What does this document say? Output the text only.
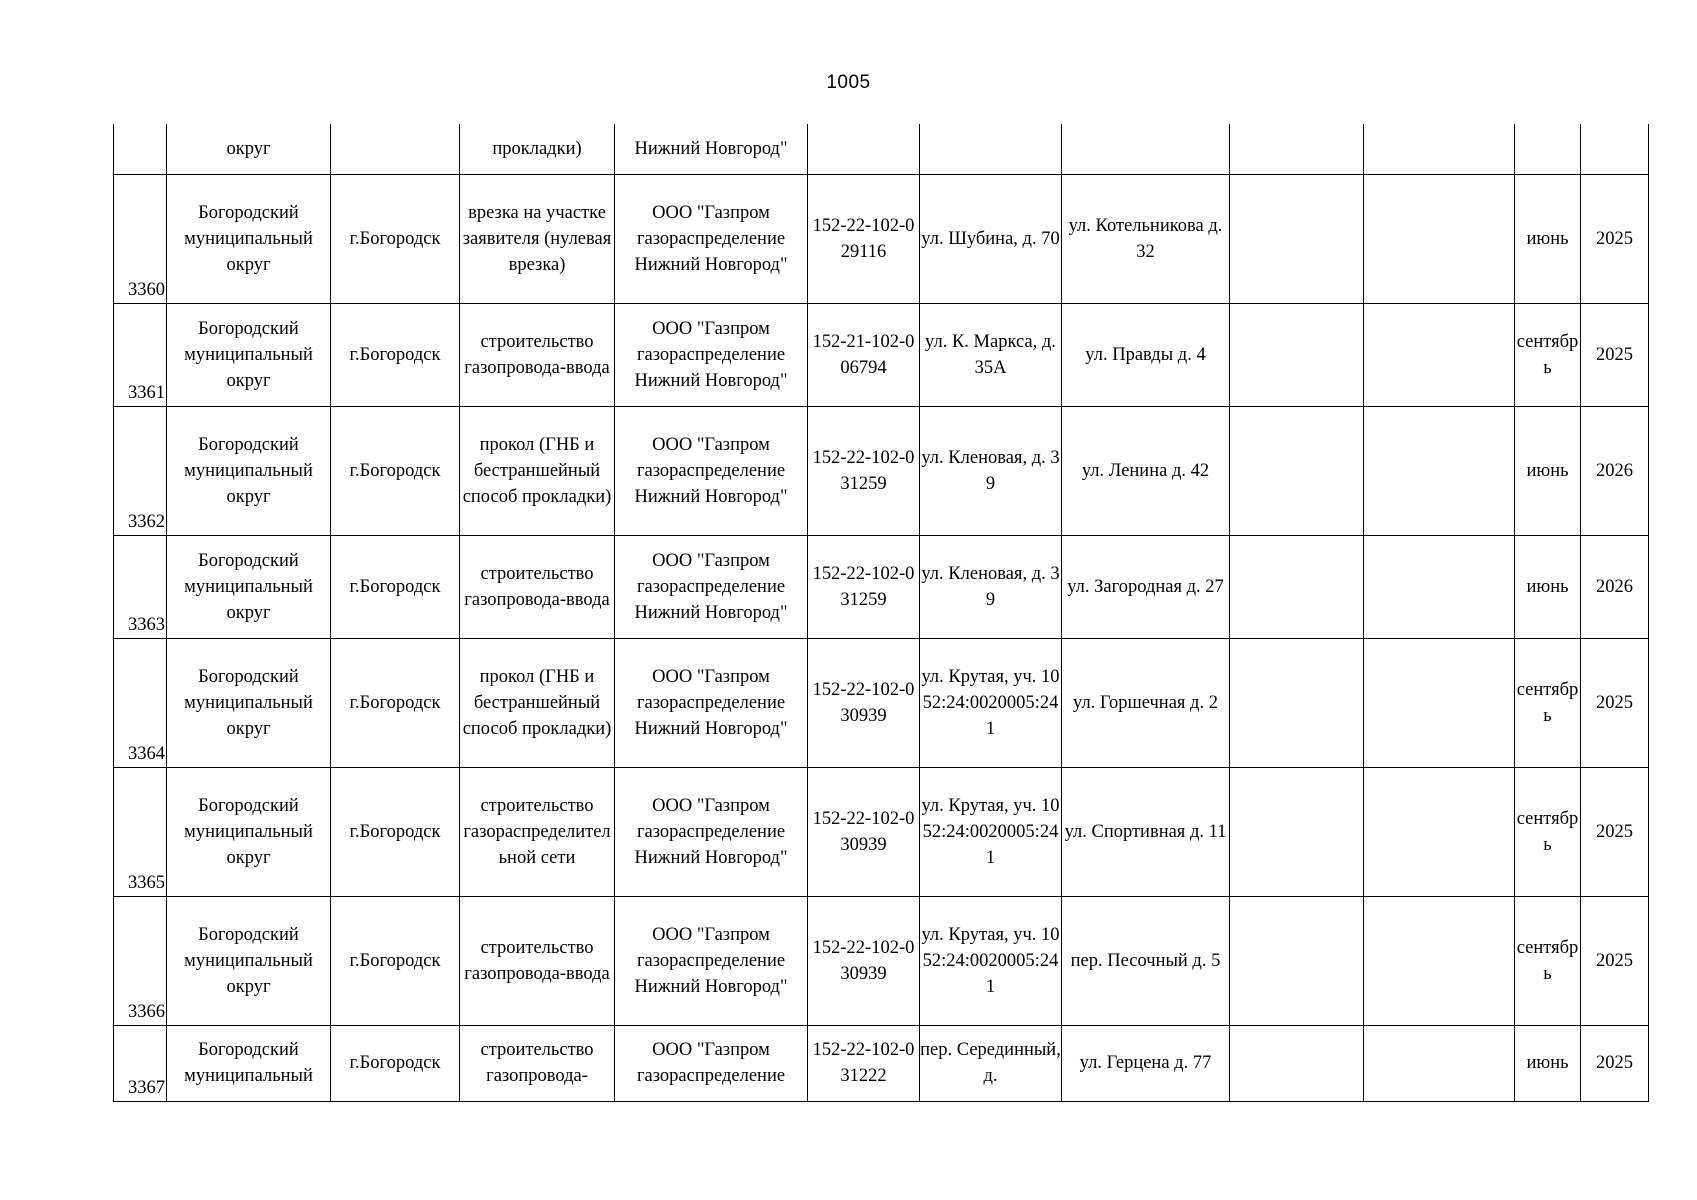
1005
	округ		прокладки)	Нижний Новгород"							
3360	Богородский муниципальный округ	г.Богородск	врезка на участке заявителя (нулевая врезка)	ООО "Газпром газораспределение Нижний Новгород"	152-22-102-029116	ул. Шубина, д. 70	ул. Котельникова д. 32			июнь	2025
3361	Богородский муниципальный округ	г.Богородск	строительство газопровода-ввода	ООО "Газпром газораспределение Нижний Новгород"	152-21-102-006794	ул. К. Маркса, д. 35А	ул. Правды д. 4			сентябрь	2025
3362	Богородский муниципальный округ	г.Богородск	прокол (ГНБ и бестраншейный способ прокладки)	ООО "Газпром газораспределение Нижний Новгород"	152-22-102-031259	ул. Кленовая, д. 39	ул. Ленина д. 42			июнь	2026
3363	Богородский муниципальный округ	г.Богородск	строительство газопровода-ввода	ООО "Газпром газораспределение Нижний Новгород"	152-22-102-031259	ул. Кленовая, д. 39	ул. Загородная д. 27			июнь	2026
3364	Богородский муниципальный округ	г.Богородск	прокол (ГНБ и бестраншейный способ прокладки)	ООО "Газпром газораспределение Нижний Новгород"	152-22-102-030939	ул. Крутая, уч. 10 52:24:0020005:241	ул. Горшечная д. 2			сентябрь	2025
3365	Богородский муниципальный округ	г.Богородск	строительство газораспределительной сети	ООО "Газпром газораспределение Нижний Новгород"	152-22-102-030939	ул. Крутая, уч. 10 52:24:0020005:241	ул. Спортивная д. 11			сентябрь	2025
3366	Богородский муниципальный округ	г.Богородск	строительство газопровода-ввода	ООО "Газпром газораспределение Нижний Новгород"	152-22-102-030939	ул. Крутая, уч. 10 52:24:0020005:241	пер. Песочный д. 5			сентябрь	2025
3367	Богородский муниципальный	г.Богородск	строительство газопровода-	ООО "Газпром газораспределение	152-22-102-031222	пер. Серединный, д.	ул. Герцена д. 77			июнь	2025
